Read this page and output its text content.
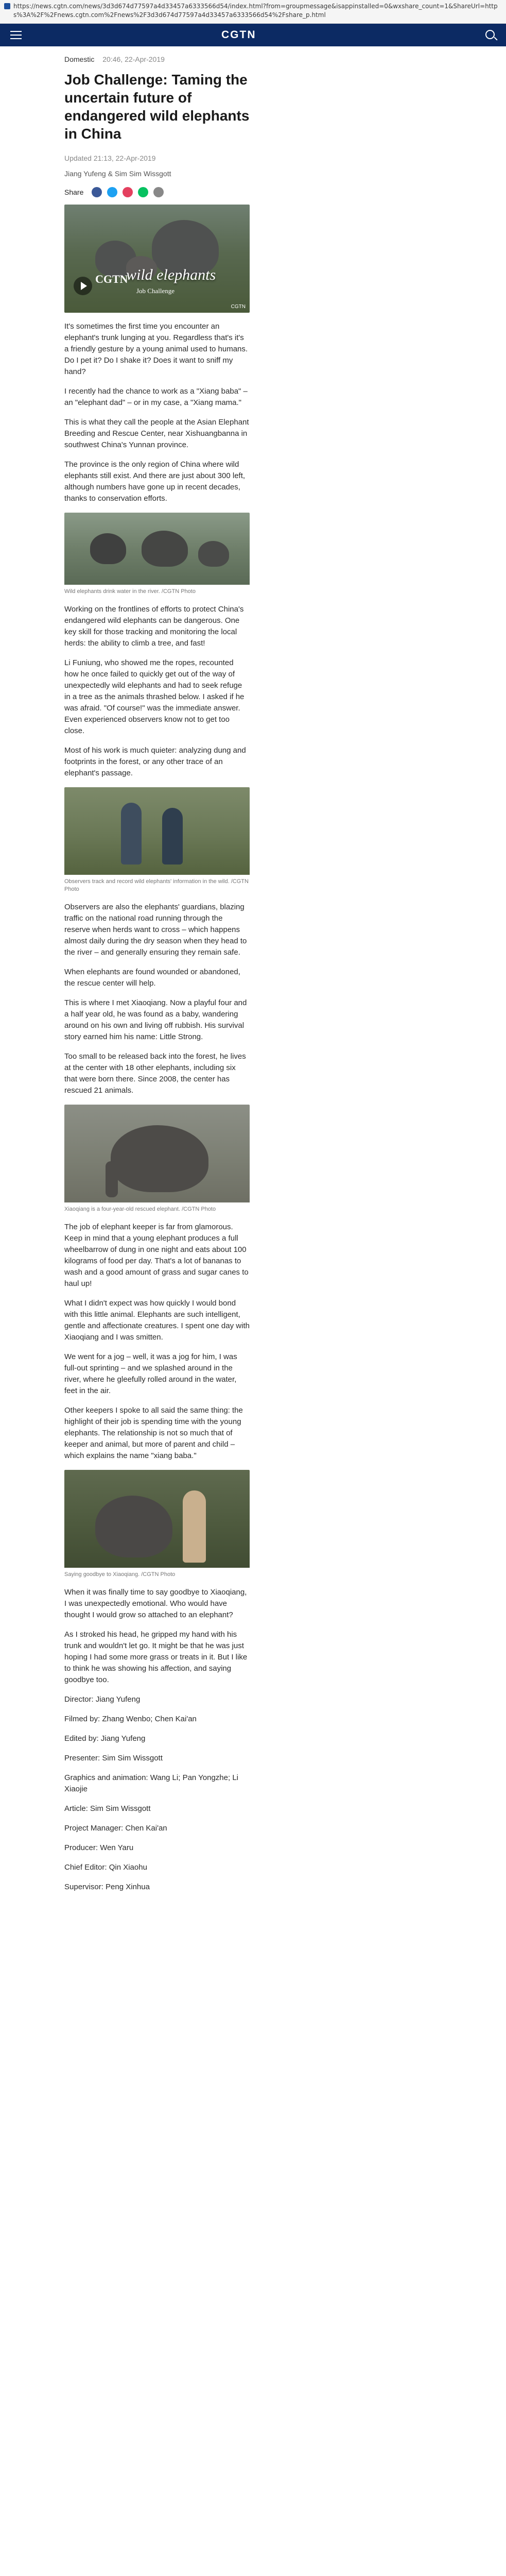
https://news.cgtn.com/news/3d3d674d77597a4d33457a6333566d54/index.html?from=groupmessage&isappinstalled=0&wxshare_count=1&ShareUrl=https%3A%2F%2Fnews.cgtn.com%2Fnews%2F3d3d674d77597a4d33457a6333566d54%2Fshare_p.html
CGTN
Domestic 20:46, 22-Apr-2019
Job Challenge: Taming the uncertain future of endangered wild elephants in China
Updated 21:13, 22-Apr-2019
Jiang Yufeng & Sim Sim Wissgott
Share
CGTN
wild elephants
Job Challenge
CGTN

It's sometimes the first time you encounter an elephant's trunk lunging at you. Regardless that's it's a friendly gesture by a young animal used to humans. Do I pet it? Do I shake it? Does it want to sniff my hand?

I recently had the chance to work as a "Xiang baba" – an "elephant dad" – or in my case, a "Xiang mama."

This is what they call the people at the Asian Elephant Breeding and Rescue Center, near Xishuangbanna in southwest China's Yunnan province.

The province is the only region of China where wild elephants still exist. And there are just about 300 left, although numbers have gone up in recent decades, thanks to conservation efforts.

Wild elephants drink water in the river. /CGTN Photo

Working on the frontlines of efforts to protect China's endangered wild elephants can be dangerous. One key skill for those tracking and monitoring the local herds: the ability to climb a tree, and fast!

Li Funiung, who showed me the ropes, recounted how he once failed to quickly get out of the way of unexpectedly wild elephants and had to seek refuge in a tree as the animals thrashed below. I asked if he was afraid. "Of course!" was the immediate answer. Even experienced observers know not to get too close.

Most of his work is much quieter: analyzing dung and footprints in the forest, or any other trace of an elephant's passage.

Observers track and record wild elephants' information in the wild. /CGTN Photo

Observers are also the elephants' guardians, blazing traffic on the national road running through the reserve when herds want to cross – which happens almost daily during the dry season when they head to the river – and generally ensuring they remain safe.

When elephants are found wounded or abandoned, the rescue center will help.

This is where I met Xiaoqiang. Now a playful four and a half year old, he was found as a baby, wandering around on his own and living off rubbish. His survival story earned him his name: Little Strong.

Too small to be released back into the forest, he lives at the center with 18 other elephants, including six that were born there. Since 2008, the center has rescued 21 animals.

Xiaoqiang is a four-year-old rescued elephant. /CGTN Photo

The job of elephant keeper is far from glamorous. Keep in mind that a young elephant produces a full wheelbarrow of dung in one night and eats about 100 kilograms of food per day. That's a lot of bananas to wash and a good amount of grass and sugar canes to haul up!

What I didn't expect was how quickly I would bond with this little animal. Elephants are such intelligent, gentle and affectionate creatures. I spent one day with Xiaoqiang and I was smitten.

We went for a jog – well, it was a jog for him, I was full-out sprinting – and we splashed around in the river, where he gleefully rolled around in the water, feet in the air.

Other keepers I spoke to all said the same thing: the highlight of their job is spending time with the young elephants. The relationship is not so much that of keeper and animal, but more of parent and child – which explains the name "xiang baba."

Saying goodbye to Xiaoqiang. /CGTN Photo

When it was finally time to say goodbye to Xiaoqiang, I was unexpectedly emotional. Who would have thought I would grow so attached to an elephant?

As I stroked his head, he gripped my hand with his trunk and wouldn't let go. It might be that he was just hoping I had some more grass or treats in it. But I like to think he was showing his affection, and saying goodbye too.

Director: Jiang Yufeng

Filmed by: Zhang Wenbo; Chen Kai'an

Edited by: Jiang Yufeng

Presenter: Sim Sim Wissgott

Graphics and animation: Wang Li; Pan Yongzhe; Li Xiaojie

Article: Sim Sim Wissgott

Project Manager: Chen Kai'an

Producer: Wen Yaru

Chief Editor: Qin Xiaohu

Supervisor: Peng Xinhua
